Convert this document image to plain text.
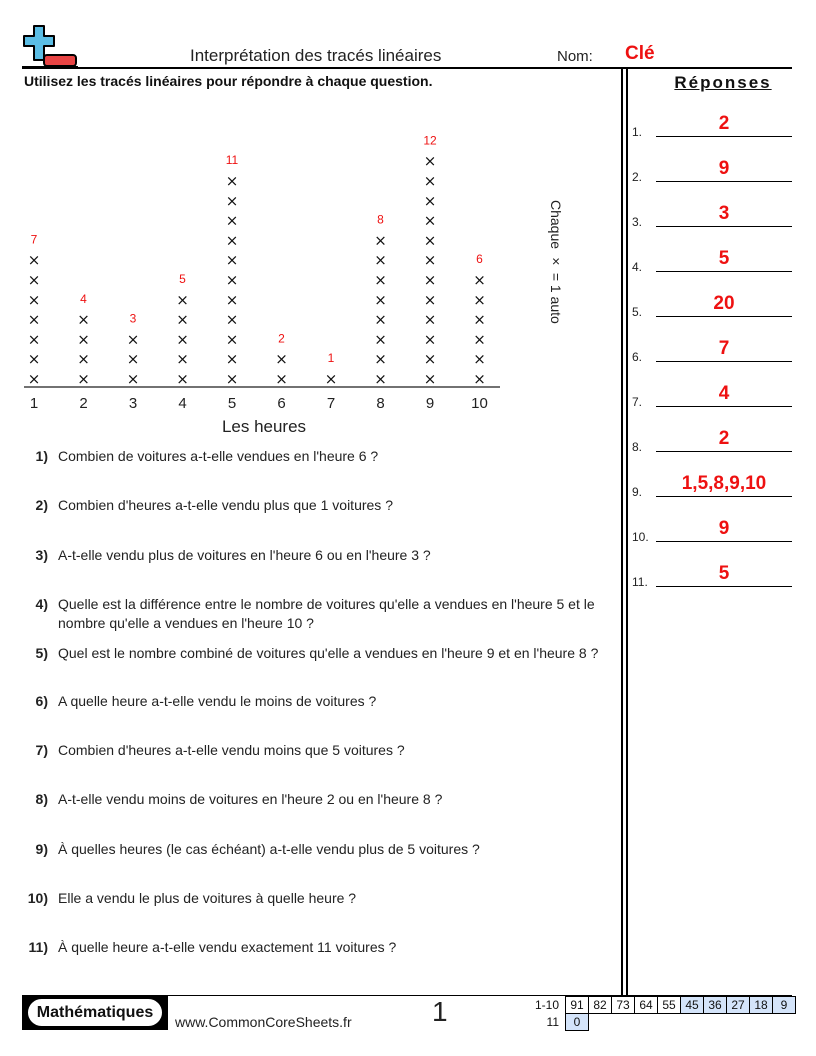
Interprétation des tracés linéaires	Nom: Clé
Utilisez les tracés linéaires pour répondre à chaque question.	Réponses
1.	2
2.	9
3.	3
4.	5
5.	20
6.	7
7.	4
8.	2
9.	1,5,8,9,10
10.	9
11.	5
×
×
×
×
×
×
×
7
1
×
×
×
×
4
2
×
×
×
3
3
×
×
×
×
×
5
4
×
×
×
×
×
×
×
×
×
×
×
11
5
×
×
2
6
×
1
7
×
×
×
×
×
×
×
×
8
8
×
×
×
×
×
×
×
×
×
×
×
×
12
9
×
×
×
×
×
×
6
10
Les heures
Chaque × = 1 auto
1) Combien de voitures a-t-elle vendues en l'heure 6 ?
2) Combien d'heures a-t-elle vendu plus que 1 voitures ?
3) A-t-elle vendu plus de voitures en l'heure 6 ou en l'heure 3 ?
4) Quelle est la différence entre le nombre de voitures qu'elle a vendues en l'heure 5 et le nombre qu'elle a vendues en l'heure 10 ?
5) Quel est le nombre combiné de voitures qu'elle a vendues en l'heure 9 et en l'heure 8 ?
6) A quelle heure a-t-elle vendu le moins de voitures ?
7) Combien d'heures a-t-elle vendu moins que 5 voitures ?
8) A-t-elle vendu moins de voitures en l'heure 2 ou en l'heure 8 ?
9) À quelles heures (le cas échéant) a-t-elle vendu plus de 5 voitures ?
10) Elle a vendu le plus de voitures à quelle heure ?
11) À quelle heure a-t-elle vendu exactement 11 voitures ?
Mathématiques
www.CommonCoreSheets.fr	1	1-10	91	82	73	64	55	45	36	27	18	9
11	0									
